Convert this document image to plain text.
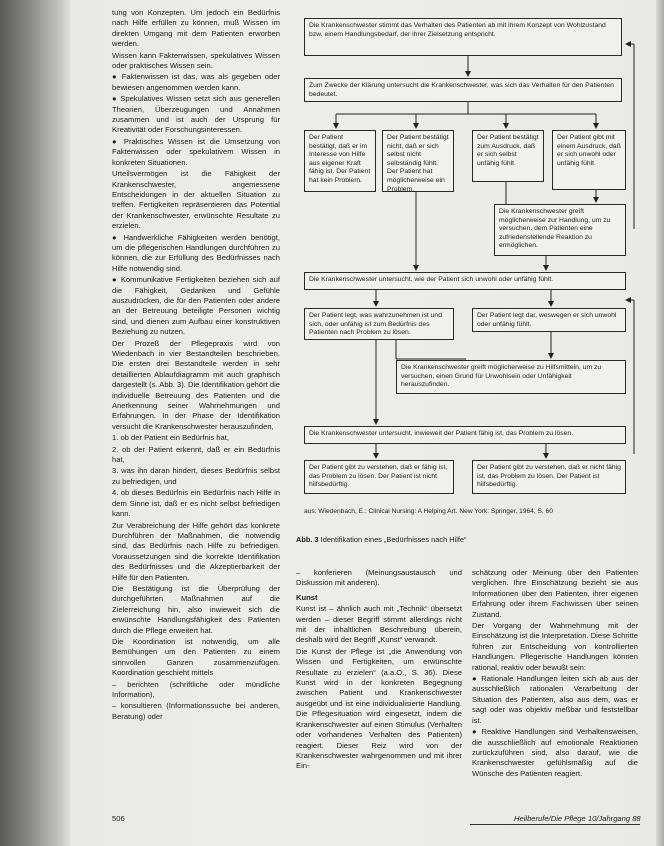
tung von Konzepten. Um jedoch ein Bedürfnis nach Hilfe erfüllen zu können, muß Wissen im direkten Umgang mit dem Patienten erworben werden.

Wissen kann Faktenwissen, spekulatives Wissen oder praktisches Wissen sein.

● Faktenwissen ist das, was als gegeben oder bewiesen angenommen werden kann.

● Spekulatives Wissen setzt sich aus generellen Theorien, Überzeugungen und Annahmen zusammen und ist auch der Ursprung für Kreativität oder Forschungsinteressen.

● Praktisches Wissen ist die Umsetzung von Faktenwissen oder spekulativem Wissen in konkreten Situationen.

Urteilsvermögen ist die Fähigkeit der Krankenschwester, angemessene Entscheidungen in der aktuellen Situation zu treffen. Fertigkeiten repräsentieren das Potential der Krankenschwester, erwünschte Resultate zu erzielen.

● Handwerkliche Fähigkeiten werden benötigt, um die pflegerischen Handlungen durchführen zu können, die zur Erfüllung des Bedürfnisses nach Hilfe notwendig sind.

● Kommunikative Fertigkeiten beziehen sich auf die Fähigkeit, Gedanken und Gefühle auszudrücken, die für den Patienten oder andere an der Betreuung beteiligte Personen wichtig sind, und dienen zum Aufbau einer konstruktiven Beziehung zu nutzen.

Der Prozeß der Pflegepraxis wird von Wiedenbach in vier Bestandteilen beschrieben. Die ersten drei Bestandteile werden in sehr detaillierten Ablaufdiagramm mit auch graphisch dargestellt (s. Abb. 3). Die Identifikation gehört die individuelle Betreuung des Patienten und die Anerkennung seiner Wahrnehmungen und Erfahrungen. In der Phase der Identifikation versucht die Krankenschwester herauszufinden,

1. ob der Patient ein Bedürfnis hat,

2. ob der Patient erkennt, daß er ein Bedürfnis hat,

3. was ihn daran hindert, dieses Bedürfnis selbst zu befriedigen, und

4. ob dieses Bedürfnis ein Bedürfnis nach Hilfe in dem Sinne ist, daß er es nicht selbst befriedigen kann.

Zur Verabreichung der Hilfe gehört das konkrete Durchführen der Maßnahmen, die notwendig sind, das Bedürfnis nach Hilfe zu befriedigen. Voraussetzungen sind die korrekte Identifikation des Bedürfnisses und die Akzeptierbarkeit der Hilfe für den Patienten.

Die Bestätigung ist die Überprüfung der durchgeführten Maßnahmen auf die Zielerreichung hin, also inwieweit sich die erwünschte Handlungsfähigkeit des Patienten durch die Pflege erweitert hat.

Die Koordination ist notwendig, um alle Bemühungen um den Patienten zu einem sinnvollen Ganzen zusammenzufügen. Koordination geschieht mittels

– berichten (schriftliche oder mündliche Information),

– konsultieren (Informationssuche bei anderen, Beratung) oder

Die Krankenschwester stimmt das Verhalten des Patienten ab mit ihrem Konzept von Wohlzustand bzw. einem Handlungsbedarf, der ihrer Zielsetzung entspricht.
Zum Zwecke der Klärung untersucht die Krankenschwester, was sich das Verhalten für den Patienten bedeutet.
Der Patient bestätigt, daß er im Interesse von Hilfe aus eigener Kraft fähig ist. Der Patient hat kein Problem.
Der Patient bestätigt nicht, daß er sich selbst nicht selbständig fühlt. Der Patient hat möglicherweise ein Problem.
Der Patient bestätigt zum Ausdruck, daß er sich selbst unfähig fühlt.
Der Patient gibt mit einem Ausdruck, daß er sich unwohl oder unfähig fühlt.
Die Krankenschwester greift möglicherweise zur Handlung, um zu versuchen, dem Patienten eine zufriedenstellende Reaktion zu ermöglichen.
Die Krankenschwester untersucht, wie der Patient sich unwohl oder unfähig fühlt.
Der Patient legt, was wahrzunehmen ist und sich, oder unfähig ist zum Bedürfnis des Patienten nach Problem zu lösen.
Der Patient legt dar, weswegen er sich unwohl oder unfähig fühlt.
Die Krankenschwester greift möglicherweise zu Hilfsmitteln, um zu versuchen, einen Grund für Unwohlsein oder Unfähigkeit herauszufinden.
Die Krankenschwester untersucht, inwieweit der Patient fähig ist, das Problem zu lösen.
Der Patient gibt zu verstehen, daß er fähig ist, das Problem zu lösen. Der Patient ist nicht hilfsbedürftig.
Der Patient gibt zu verstehen, daß er nicht fähig ist, das Problem zu lösen. Der Patient ist hilfsbedürftig.
aus: Wiedenbach, E.: Clinical Nursing: A Helping Art. New York: Springer, 1964, S. 60
Abb. 3 Identifikation eines „Bedürfnisses nach Hilfe“

– konferieren (Meinungsaustausch und Diskussion mit anderen).

Kunst

Kunst ist – ähnlich auch mit „Technik“ übersetzt werden – dieser Begriff stimmt allerdings nicht mit der inhaltlichen Beschreibung überein, deshalb wird der Begriff „Kunst“ verwandt.

Die Kunst der Pflege ist „die Anwendung von Wissen und Fertigkeiten, um erwünschte Resultate zu erzielen“ (a.a.O., S. 36). Diese Kunst wird in der konkreten Begegnung zwischen Patient und Krankenschwester ausgeübt und ist eine individualisierte Handlung. Die Pflegesituation wird eingesetzt, indem die Krankenschwester auf einen Stimulus (Verhalten oder vorhandenes Verhalten des Patienten) reagiert. Dieser Reiz wird von der Krankenschwester wahrgenommen und mit ihrer Ein-

schätzung oder Meinung über den Patienten verglichen. Ihre Einschätzung bezieht sie aus Informationen über den Patienten, ihrer eigenen Erfahrung oder ihrem Fachwissen über seinen Zustand.

Der Vorgang der Wahrnehmung mit der Einschätzung ist die Interpretation. Diese Schritte führen zur Entscheidung von kontrollierten Handlungen. Pflegerische Handlungen können rational, reaktiv oder bewußt sein:

● Rationale Handlungen leiten sich ab aus der ausschließlich rationalen Verarbeitung der Situation des Patienten, also aus dem, was er sagt oder was objektiv meßbar und feststellbar ist.

● Reaktive Handlungen sind Verhaltensweisen, die ausschließlich auf emotionale Reaktionen zurückzuführen sind, also darauf, wie die Krankenschwester gefühlsmäßig auf die Wünsche des Patienten reagiert.

506	Heilberufe/Die Pflege 10/Jahrgang 88
